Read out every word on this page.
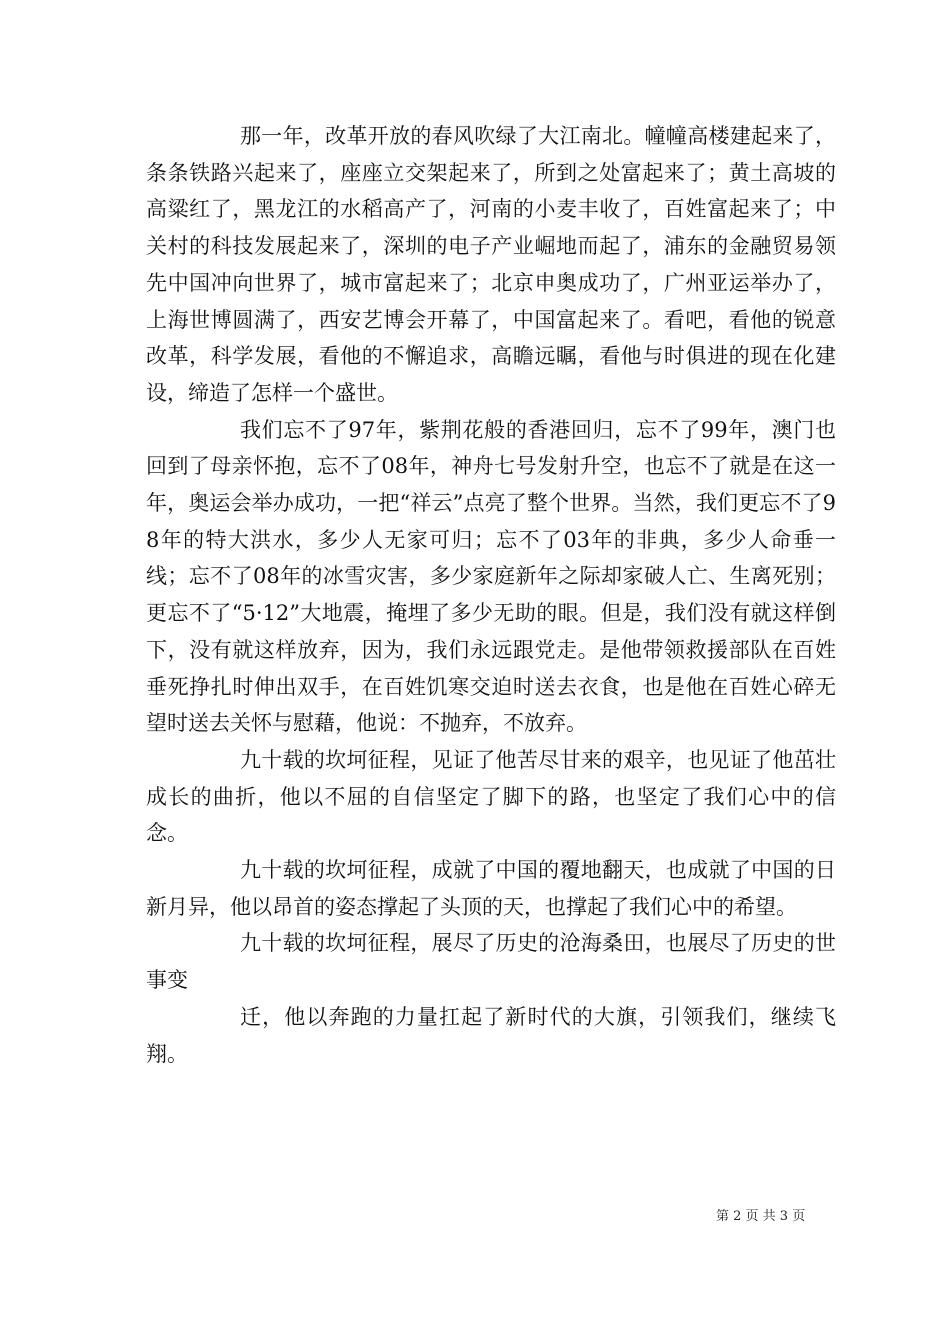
那一年，改革开放的春风吹绿了大江南北。幢幢高楼建起来了，条条铁路兴起来了，座座立交架起来了，所到之处富起来了；黄土高坡的高粱红了，黑龙江的水稻高产了，河南的小麦丰收了，百姓富起来了；中关村的科技发展起来了，深圳的电子产业崛地而起了，浦东的金融贸易领先中国冲向世界了，城市富起来了；北京申奥成功了，广州亚运举办了，上海世博圆满了，西安艺博会开幕了，中国富起来了。看吧，看他的锐意改革，科学发展，看他的不懈追求，高瞻远瞩，看他与时俱进的现在化建设，缔造了怎样一个盛世。

我们忘不了97年，紫荆花般的香港回归，忘不了99年，澳门也回到了母亲怀抱，忘不了08年，神舟七号发射升空，也忘不了就是在这一年，奥运会举办成功，一把“祥云”点亮了整个世界。当然，我们更忘不了98年的特大洪水，多少人无家可归；忘不了03年的非典，多少人命垂一线；忘不了08年的冰雪灾害，多少家庭新年之际却家破人亡、生离死别；更忘不了“5·12”大地震，掩埋了多少无助的眼。但是，我们没有就这样倒下，没有就这样放弃，因为，我们永远跟党走。是他带领救援部队在百姓垂死挣扎时伸出双手，在百姓饥寒交迫时送去衣食，也是他在百姓心碎无望时送去关怀与慰藉，他说：不抛弃，不放弃。

九十载的坎坷征程，见证了他苦尽甘来的艰辛，也见证了他茁壮成长的曲折，他以不屈的自信坚定了脚下的路，也坚定了我们心中的信念。

九十载的坎坷征程，成就了中国的覆地翻天，也成就了中国的日新月异，他以昂首的姿态撑起了头顶的天，也撑起了我们心中的希望。

九十载的坎坷征程，展尽了历史的沧海桑田，也展尽了历史的世事变

迁，他以奔跑的力量扛起了新时代的大旗，引领我们，继续飞翔。

第 2 页 共 3 页
